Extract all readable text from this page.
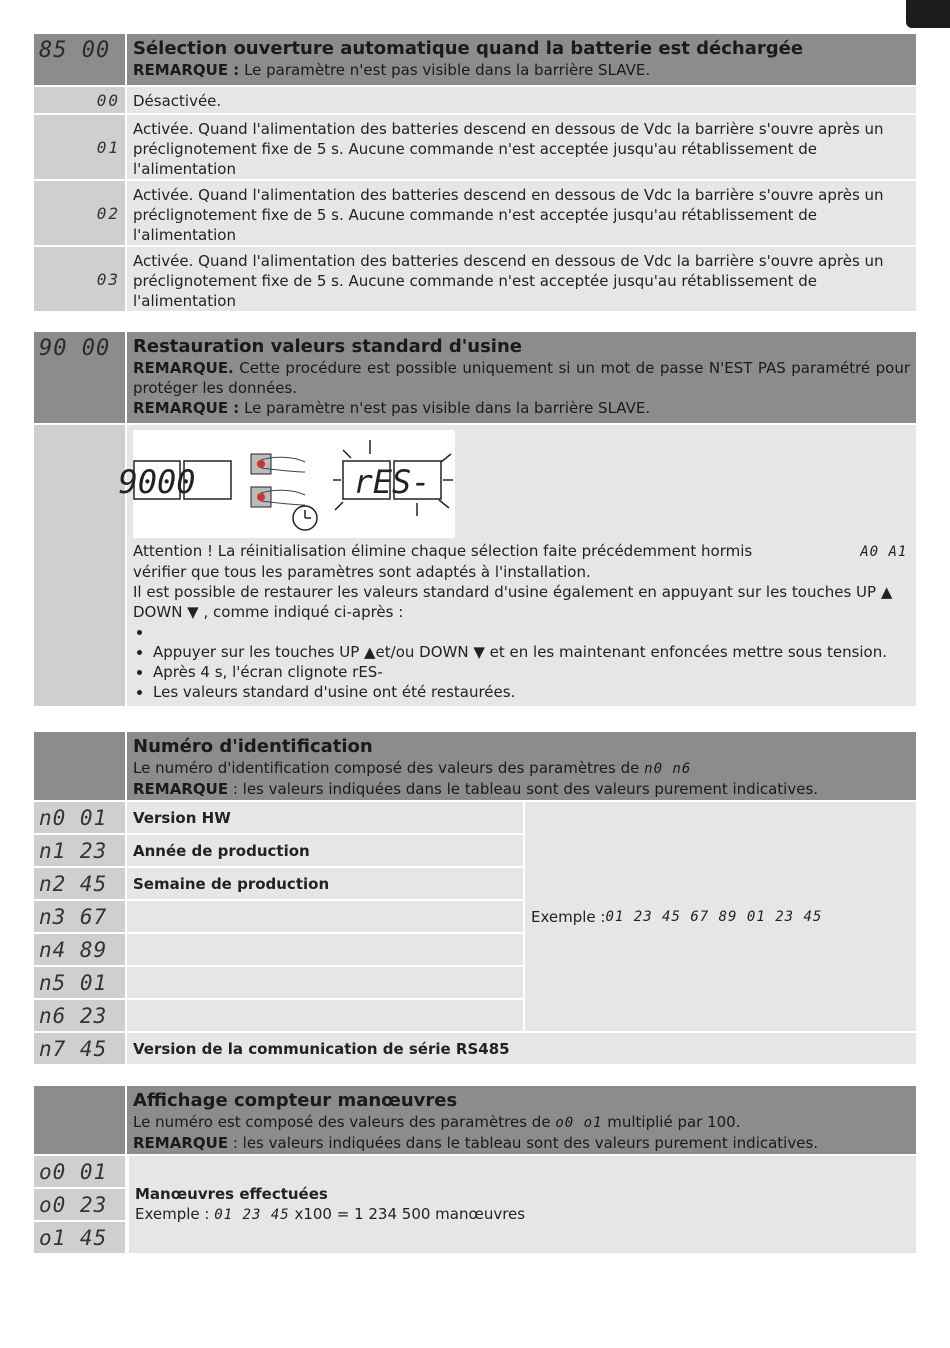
85 00	Sélection ouverture automatique quand la batterie est déchargée

REMARQUE : Le paramètre n'est pas visible dans la barrière SLAVE.

00 Désactivée.
01
Activée. Quand l'alimentation des batteries descend en dessous de Vdc la barrière s'ouvre après un préclignotement fixe de 5 s. Aucune commande n'est acceptée jusqu'au rétablissement de l'alimentation
02
Activée. Quand l'alimentation des batteries descend en dessous de Vdc la barrière s'ouvre après un préclignotement fixe de 5 s. Aucune commande n'est acceptée jusqu'au rétablissement de l'alimentation
03
Activée. Quand l'alimentation des batteries descend en dessous de Vdc la barrière s'ouvre après un préclignotement fixe de 5 s. Aucune commande n'est acceptée jusqu'au rétablissement de l'alimentation
90 00	Restauration valeurs standard d'usine

REMARQUE. Cette procédure est possible uniquement si un mot de passe N'EST PAS paramétré pour protéger les données.

REMARQUE : Le paramètre n'est pas visible dans la barrière SLAVE.

9000	rES-

Attention ! La réinitialisation élimine chaque sélection faite précédemment hormis	A0 A1

vérifier que tous les paramètres sont adaptés à l'installation.

Il est possible de restaurer les valeurs standard d'usine également en appuyant sur les touches UP ▲

DOWN ▼ , comme indiqué ci-après :

•
• Appuyer sur les touches UP ▲et/ou DOWN ▼ et en les maintenant enfoncées mettre sous tension.
• Après 4 s, l'écran clignote rES-
• Les valeurs standard d'usine ont été restaurées.
Numéro d'identification

Le numéro d'identification composé des valeurs des paramètres de n0 n6

REMARQUE : les valeurs indiquées dans le tableau sont des valeurs purement indicatives.

n0 01	Version HW
n1 23	Année de production
n2 45	Semaine de production
n3 67
n4 89
n5 01
n6 23
Exemple : 01 23 45 67 89 01 23 45
n7 45	Version de la communication de série RS485
Affichage compteur manœuvres

Le numéro est composé des valeurs des paramètres de o0 o1 multiplié par 100.

REMARQUE : les valeurs indiquées dans le tableau sont des valeurs purement indicatives.

o0 01
o0 23
o1 45

Manœuvres effectuées

Exemple : 01 23 45 x100 = 1 234 500 manœuvres
